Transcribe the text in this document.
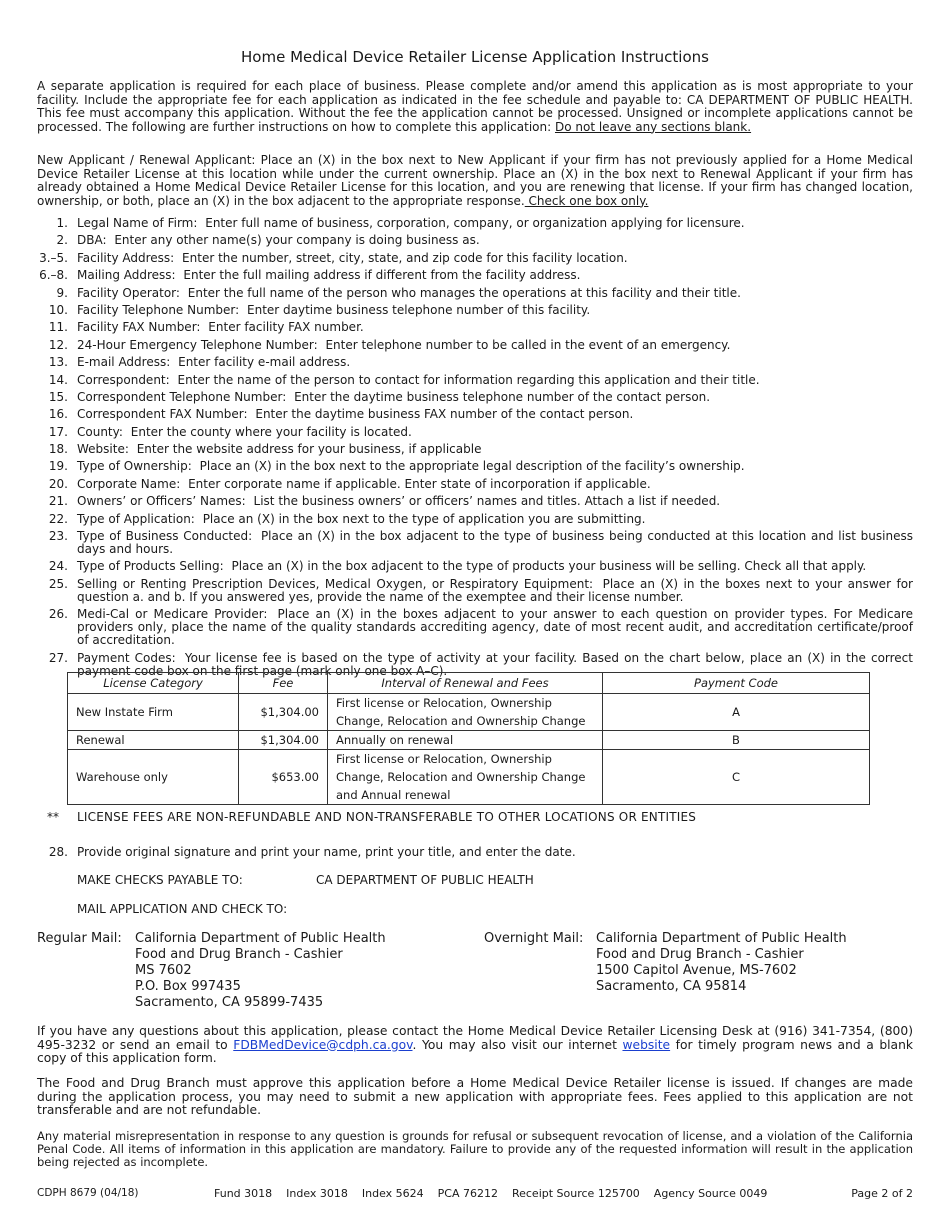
Home Medical Device Retailer License Application Instructions
A separate application is required for each place of business. Please complete and/or amend this application as is most appropriate to your facility. Include the appropriate fee for each application as indicated in the fee schedule and payable to: CA DEPARTMENT OF PUBLIC HEALTH. This fee must accompany this application. Without the fee the application cannot be processed. Unsigned or incomplete applications cannot be processed. The following are further instructions on how to complete this application: Do not leave any sections blank.
New Applicant / Renewal Applicant: Place an (X) in the box next to New Applicant if your firm has not previously applied for a Home Medical Device Retailer License at this location while under the current ownership. Place an (X) in the box next to Renewal Applicant if your firm has already obtained a Home Medical Device Retailer License for this location, and you are renewing that license. If your firm has changed location, ownership, or both, place an (X) in the box adjacent to the appropriate response. Check one box only.
1. Legal Name of Firm: Enter full name of business, corporation, company, or organization applying for licensure.
2. DBA: Enter any other name(s) your company is doing business as.
3.–5. Facility Address: Enter the number, street, city, state, and zip code for this facility location.
6.–8. Mailing Address: Enter the full mailing address if different from the facility address.
9. Facility Operator: Enter the full name of the person who manages the operations at this facility and their title.
10. Facility Telephone Number: Enter daytime business telephone number of this facility.
11. Facility FAX Number: Enter facility FAX number.
12. 24-Hour Emergency Telephone Number: Enter telephone number to be called in the event of an emergency.
13. E-mail Address: Enter facility e-mail address.
14. Correspondent: Enter the name of the person to contact for information regarding this application and their title.
15. Correspondent Telephone Number: Enter the daytime business telephone number of the contact person.
16. Correspondent FAX Number: Enter the daytime business FAX number of the contact person.
17. County: Enter the county where your facility is located.
18. Website: Enter the website address for your business, if applicable
19. Type of Ownership: Place an (X) in the box next to the appropriate legal description of the facility’s ownership.
20. Corporate Name: Enter corporate name if applicable. Enter state of incorporation if applicable.
21. Owners’ or Officers’ Names: List the business owners’ or officers’ names and titles. Attach a list if needed.
22. Type of Application: Place an (X) in the box next to the type of application you are submitting.
23. Type of Business Conducted: Place an (X) in the box adjacent to the type of business being conducted at this location and list business days and hours.
24. Type of Products Selling: Place an (X) in the box adjacent to the type of products your business will be selling. Check all that apply.
25. Selling or Renting Prescription Devices, Medical Oxygen, or Respiratory Equipment: Place an (X) in the boxes next to your answer for question a. and b. If you answered yes, provide the name of the exemptee and their license number.
26. Medi-Cal or Medicare Provider: Place an (X) in the boxes adjacent to your answer to each question on provider types. For Medicare providers only, place the name of the quality standards accrediting agency, date of most recent audit, and accreditation certificate/proof of accreditation.
27. Payment Codes: Your license fee is based on the type of activity at your facility. Based on the chart below, place an (X) in the correct payment code box on the first page (mark only one box A–C).
License Category	Fee	Interval of Renewal and Fees	Payment Code
New Instate Firm	$1,304.00	First license or Relocation, Ownership Change, Relocation and Ownership Change	A
Renewal	$1,304.00	Annually on renewal	B
Warehouse only	$653.00	First license or Relocation, Ownership Change, Relocation and Ownership Change and Annual renewal	C
** LICENSE FEES ARE NON-REFUNDABLE AND NON-TRANSFERABLE TO OTHER LOCATIONS OR ENTITIES
28. Provide original signature and print your name, print your title, and enter the date.
MAKE CHECKS PAYABLE TO:	CA DEPARTMENT OF PUBLIC HEALTH
MAIL APPLICATION AND CHECK TO:
Regular Mail: California Department of Public Health
Food and Drug Branch - Cashier
MS 7602
P.O. Box 997435
Sacramento, CA 95899-7435
Overnight Mail: California Department of Public Health
Food and Drug Branch - Cashier
1500 Capitol Avenue, MS-7602
Sacramento, CA 95814
If you have any questions about this application, please contact the Home Medical Device Retailer Licensing Desk at (916) 341-7354, (800) 495-3232 or send an email to FDBMedDevice@cdph.ca.gov. You may also visit our internet website for timely program news and a blank copy of this application form.
The Food and Drug Branch must approve this application before a Home Medical Device Retailer license is issued. If changes are made during the application process, you may need to submit a new application with appropriate fees. Fees applied to this application are not transferable and are not refundable.
Any material misrepresentation in response to any question is grounds for refusal or subsequent revocation of license, and a violation of the California Penal Code. All items of information in this application are mandatory. Failure to provide any of the requested information will result in the application being rejected as incomplete.
CDPH 8679 (04/18)	Fund 3018    Index 3018    Index 5624    PCA 76212    Receipt Source 125700    Agency Source 0049	Page 2 of 2
